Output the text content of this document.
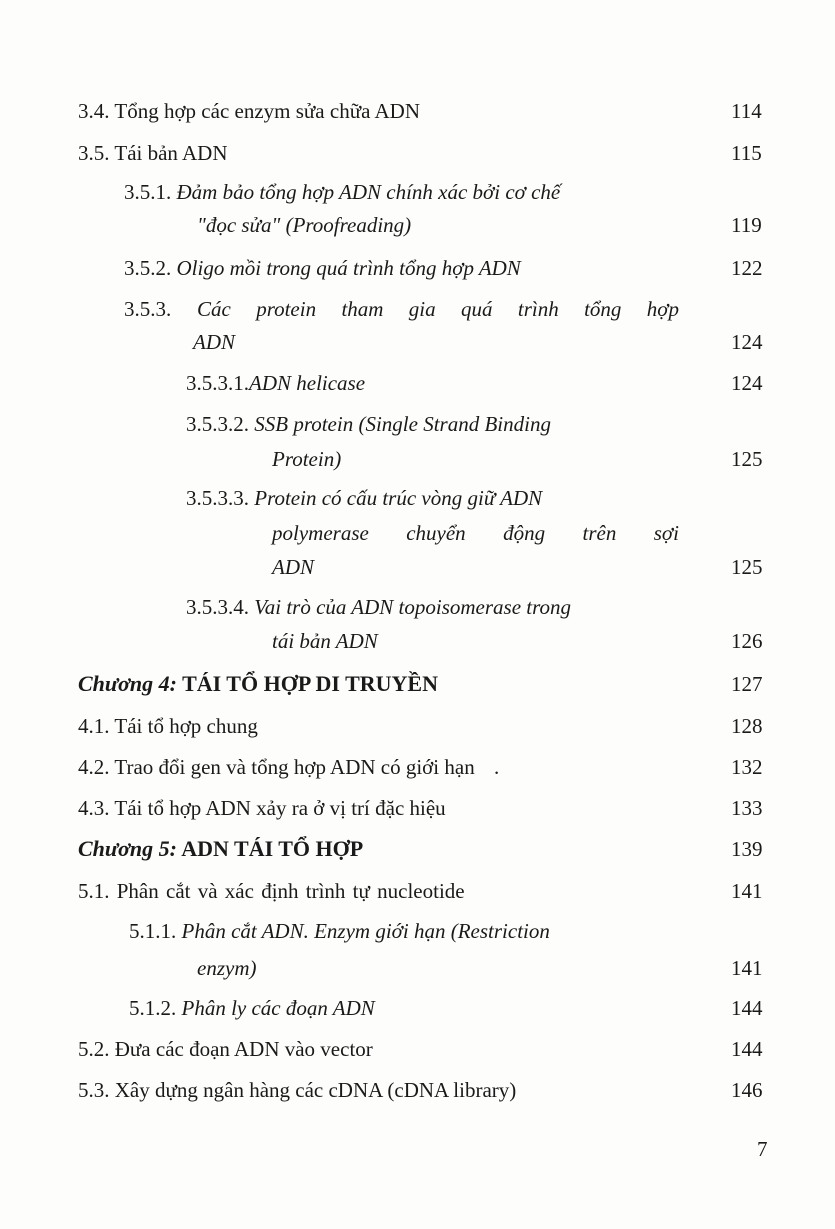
3.4. Tổng hợp các enzym sửa chữa ADN	114
3.5. Tái bản ADN	115
3.5.1. Đảm bảo tổng hợp ADN chính xác bởi cơ chế
"đọc sửa" (Proofreading)	119
3.5.2. Oligo mồi trong quá trình tổng hợp ADN	122
3.5.3. Các protein tham gia quá trình tổng hợp
ADN	124
3.5.3.1.ADN helicase	124
3.5.3.2. SSB protein (Single Strand Binding
Protein)	125
3.5.3.3. Protein có cấu trúc vòng giữ ADN
polymerase chuyển động trên sợi
ADN	125
3.5.3.4. Vai trò của ADN topoisomerase trong
tái bản ADN	126
Chương 4: TÁI TỔ HỢP DI TRUYỀN	127
4.1. Tái tổ hợp chung	128
4.2. Trao đổi gen và tổng hợp ADN có giới hạn .	132
4.3. Tái tổ hợp ADN xảy ra ở vị trí đặc hiệu	133
Chương 5: ADN TÁI TỔ HỢP	139
5.1. Phân cắt và xác định trình tự nucleotide	141
5.1.1. Phân cắt ADN. Enzym giới hạn (Restriction
enzym)	141
5.1.2. Phân ly các đoạn ADN	144
5.2. Đưa các đoạn ADN vào vector	144
5.3. Xây dựng ngân hàng các cDNA (cDNA library)	146
7
